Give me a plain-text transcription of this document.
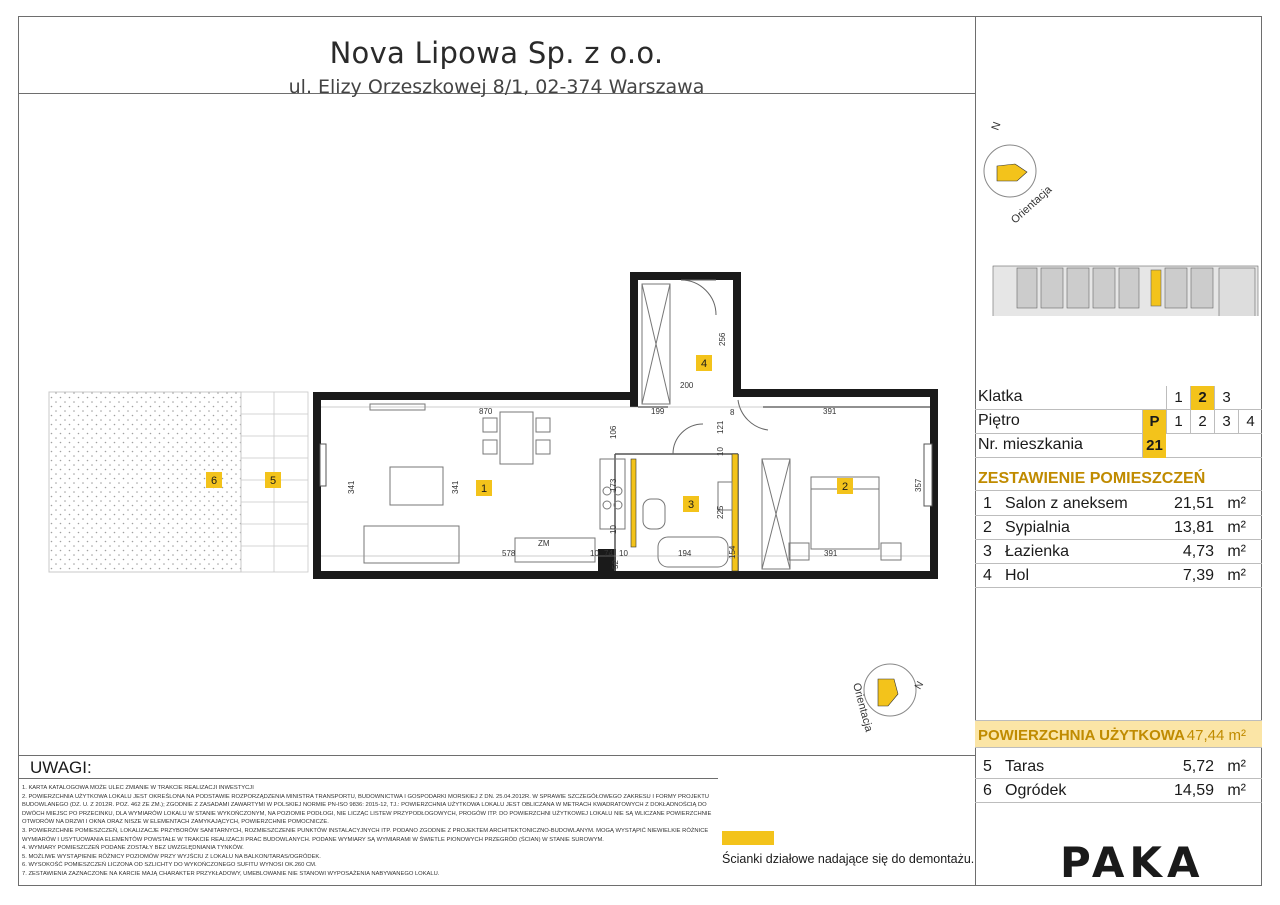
Nova Lipowa Sp. z o.o.
ul. Elizy Orzeszkowej 8/1, 02-374 Warszawa
870	199	391
200
8
578	10 74 10	194	391
ZM
256
106	121
341	341	357
173
225
52
10
10
154
1	2
3
4
5
6
N
Orientacja
N
Orientacja
Klatka	1	2	3
Piętro	P 1	2	3	4
Nr. mieszkania	21
ZESTAWIENIE POMIESZCZEŃ
1 Salon z aneksem	21,51 m²
2 Sypialnia	13,81 m²
3 Łazienka	4,73 m²
4 Hol	7,39 m²
POWIERZCHNIA UŻYTKOWA 47,44 m²
5 Taras	5,72 m²
6 Ogródek	14,59 m²
UWAGI:
1. KARTA KATALOGOWA MOŻE ULEC ZMIANIE W TRAKCIE REALIZACJI INWESTYCJI
2. POWIERZCHNIA UŻYTKOWA LOKALU JEST OKREŚLONA NA PODSTAWIE ROZPORZĄDZENIA MINISTRA TRANSPORTU, BUDOWNICTWA I GOSPODARKI MORSKIEJ Z DN. 25.04.2012R. W SPRAWIE SZCZEGÓŁOWEGO ZAKRESU I FORMY PROJEKTU BUDOWLANEGO (DZ. U. Z 2012R. POZ. 462 ZE ZM.); ZGODNIE Z ZASADAMI ZAWARTYMI W POLSKIEJ NORMIE PN-ISO 9836: 2015-12, TJ.: POWIERZCHNIA UŻYTKOWA LOKALU JEST OBLICZANA W METRACH KWADRATOWYCH Z DOKŁADNOŚCIĄ DO DWÓCH MIEJSC PO PRZECINKU, DLA WYMIARÓW LOKALU W STANIE WYKOŃCZONYM, NA POZIOMIE PODŁOGI, NIE LICZĄC LISTEW PRZYPODŁOGOWYCH, PROGÓW ITP. DO POWIERZCHNI UŻYTKOWEJ LOKALU NIE SĄ WLICZANE POWIERZCHNIE OTWORÓW NA DRZWI I OKNA ORAZ NISZE W ELEMENTACH ZAMYKAJĄCYCH, POWIERZCHNIE POMOCNICZE.
3. POWIERZCHNIE POMIESZCZEŃ, LOKALIZACJE PRZYBORÓW SANITARNYCH, ROZMIESZCZENIE PUNKTÓW INSTALACYJNYCH ITP. PODANO ZGODNIE Z PROJEKTEM ARCHITEKTONICZNO-BUDOWLANYM. MOGĄ WYSTĄPIĆ NIEWIELKIE RÓŻNICE WYMIARÓW I USYTUOWANIA ELEMENTÓW POWSTAŁE W TRAKCIE REALIZACJI PRAC BUDOWLANYCH. PODANE WYMIARY SĄ WYMIARAMI W ŚWIETLE PIONOWYCH PRZEGRÓD (ŚCIAN) W STANIE SUROWYM.
4. WYMIARY POMIESZCZEŃ PODANE ZOSTAŁY BEZ UWZGLĘDNIANIA TYNKÓW.
5. MOŻLIWE WYSTĄPIENIE RÓŻNICY POZIOMÓW PRZY WYJŚCIU Z LOKALU NA BALKON/TARAS/OGRÓDEK.
6. WYSOKOŚĆ POMIESZCZEŃ LICZONA OD SZLICHTY DO WYKOŃCZONEGO SUFITU WYNOSI OK.260 CM.
7. ZESTAWIENIA ZAZNACZONE NA KARCIE MAJĄ CHARAKTER PRZYKŁADOWY, UMEBLOWANIE NIE STANOWI WYPOSAŻENIA NABYWANEGO LOKALU.
Ścianki działowe nadające się do demontażu. PAKA
